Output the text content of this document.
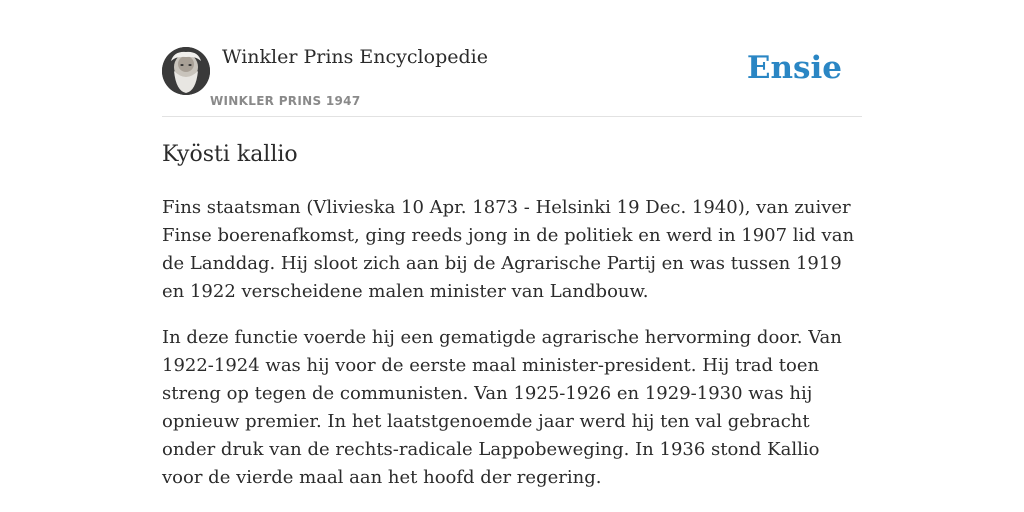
Winkler Prins Encyclopedie
WINKLER PRINS 1947
Ensie
Kyösti kallio

Fins staatsman (Vlivieska 10 Apr. 1873 - Helsinki 19 Dec. 1940), van zuiver Finse boerenafkomst, ging reeds jong in de politiek en werd in 1907 lid van de Landdag. Hij sloot zich aan bij de Agrarische Partij en was tussen 1919 en 1922 verscheidene malen minister van Landbouw.

In deze functie voerde hij een gematigde agrarische hervorming door. Van 1922-1924 was hij voor de eerste maal minister-president. Hij trad toen streng op tegen de communisten. Van 1925-1926 en 1929-1930 was hij opnieuw premier. In het laatstgenoemde jaar werd hij ten val gebracht onder druk van de rechts-radicale Lappobeweging. In 1936 stond Kallio voor de vierde maal aan het hoofd der regering.
